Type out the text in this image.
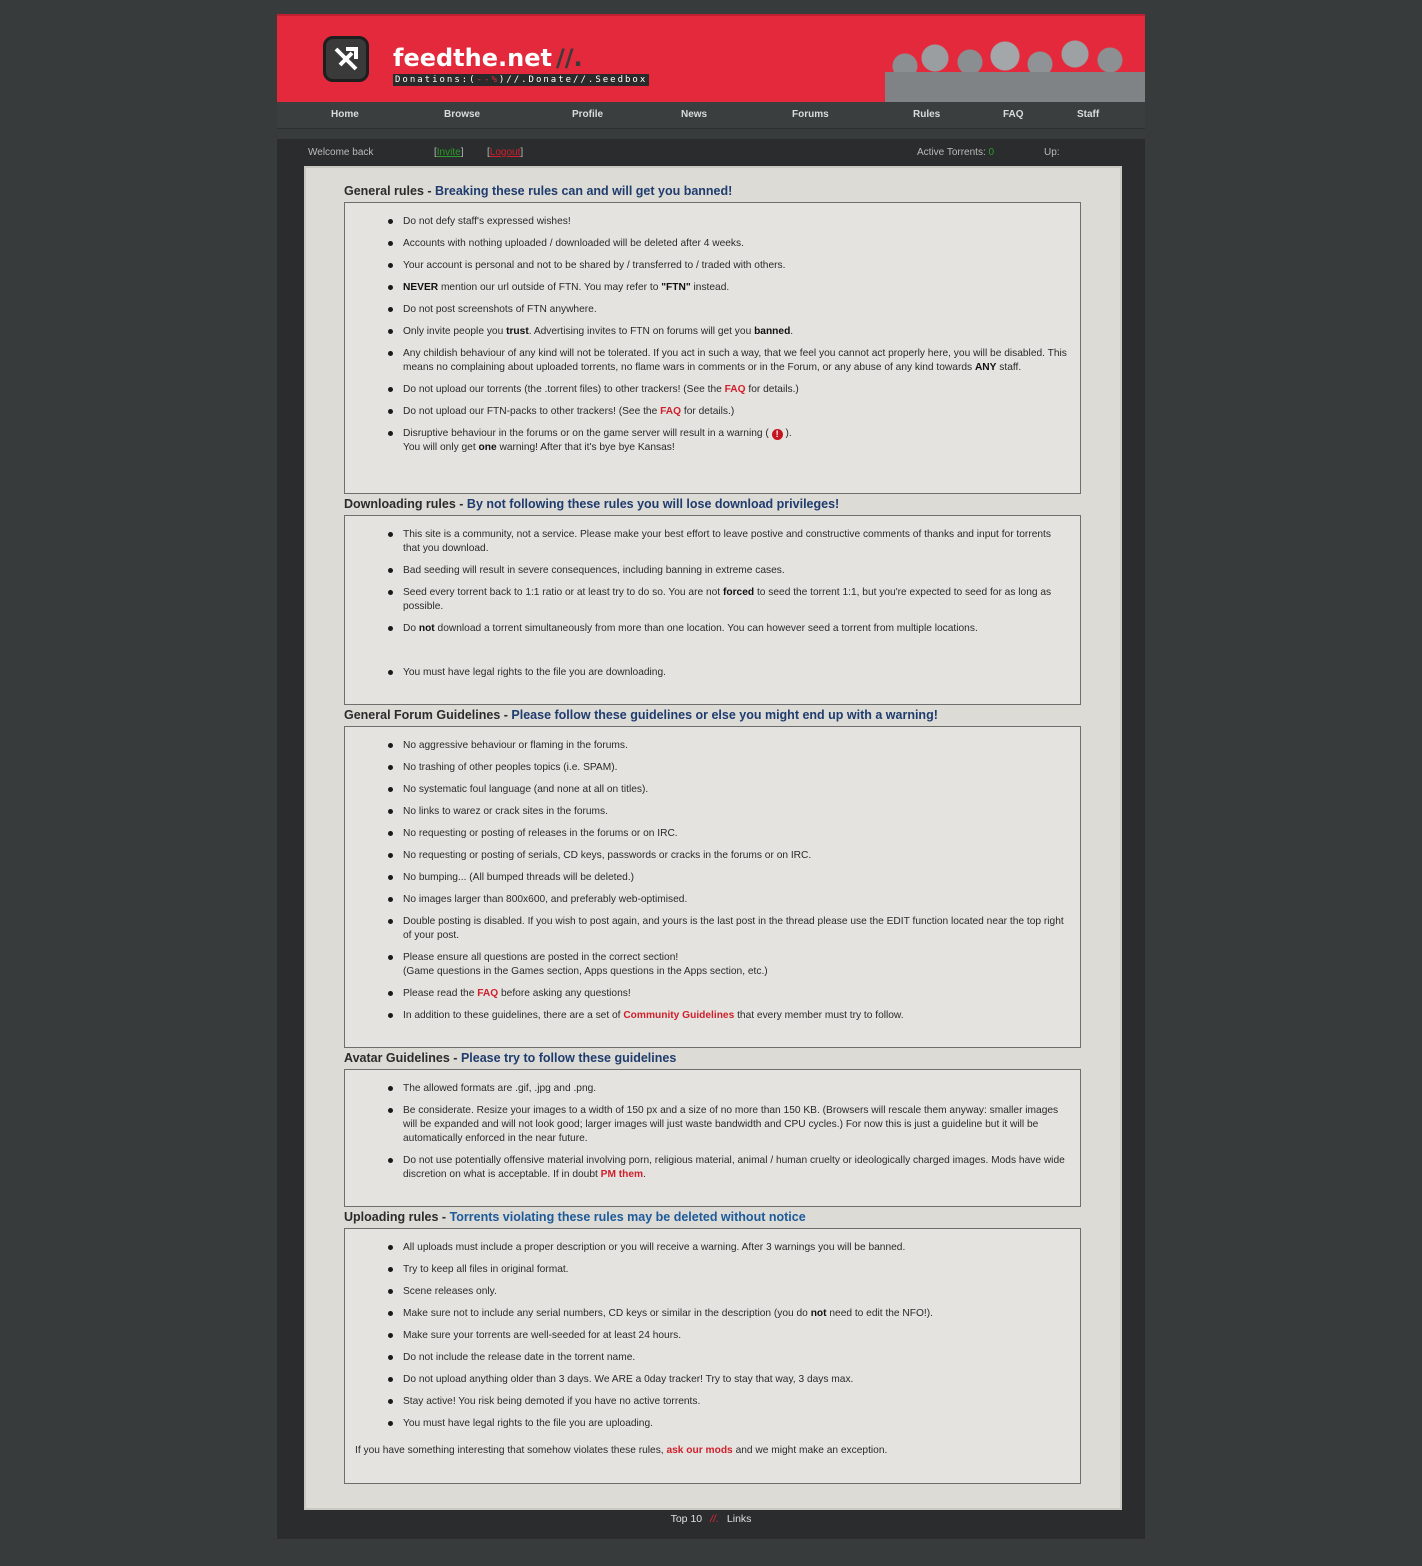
feedthe.net //.
Donations:(--%)//.Donate//.Seedbox
Home	Browse	Profile	News	Forums	Rules	FAQ	Staff
Welcome back	[Invite] [Logout]	Active Torrents: 0	Up:
General rules - Breaking these rules can and will get you banned!
Do not defy staff's expressed wishes!
Accounts with nothing uploaded / downloaded will be deleted after 4 weeks.
Your account is personal and not to be shared by / transferred to / traded with others.
NEVER mention our url outside of FTN. You may refer to "FTN" instead.
Do not post screenshots of FTN anywhere.
Only invite people you trust. Advertising invites to FTN on forums will get you banned.
Any childish behaviour of any kind will not be tolerated. If you act in such a way, that we feel you cannot act properly here, you will be disabled. This means no complaining about uploaded torrents, no flame wars in comments or in the Forum, or any abuse of any kind towards ANY staff.
Do not upload our torrents (the .torrent files) to other trackers! (See the FAQ for details.)
Do not upload our FTN-packs to other trackers! (See the FAQ for details.)
Disruptive behaviour in the forums or on the game server will result in a warning ( ! ).
You will only get one warning! After that it's bye bye Kansas!
Downloading rules - By not following these rules you will lose download privileges!
This site is a community, not a service. Please make your best effort to leave postive and constructive comments of thanks and input for torrents that you download.
Bad seeding will result in severe consequences, including banning in extreme cases.
Seed every torrent back to 1:1 ratio or at least try to do so. You are not forced to seed the torrent 1:1, but you're expected to seed for as long as possible.
Do not download a torrent simultaneously from more than one location. You can however seed a torrent from multiple locations.
You must have legal rights to the file you are downloading.
General Forum Guidelines - Please follow these guidelines or else you might end up with a warning!
No aggressive behaviour or flaming in the forums.
No trashing of other peoples topics (i.e. SPAM).
No systematic foul language (and none at all on titles).
No links to warez or crack sites in the forums.
No requesting or posting of releases in the forums or on IRC.
No requesting or posting of serials, CD keys, passwords or cracks in the forums or on IRC.
No bumping... (All bumped threads will be deleted.)
No images larger than 800x600, and preferably web-optimised.
Double posting is disabled. If you wish to post again, and yours is the last post in the thread please use the EDIT function located near the top right of your post.
Please ensure all questions are posted in the correct section!
(Game questions in the Games section, Apps questions in the Apps section, etc.)
Please read the FAQ before asking any questions!
In addition to these guidelines, there are a set of Community Guidelines that every member must try to follow.
Avatar Guidelines - Please try to follow these guidelines
The allowed formats are .gif, .jpg and .png.
Be considerate. Resize your images to a width of 150 px and a size of no more than 150 KB. (Browsers will rescale them anyway: smaller images will be expanded and will not look good; larger images will just waste bandwidth and CPU cycles.) For now this is just a guideline but it will be automatically enforced in the near future.
Do not use potentially offensive material involving porn, religious material, animal / human cruelty or ideologically charged images. Mods have wide discretion on what is acceptable. If in doubt PM them.
Uploading rules - Torrents violating these rules may be deleted without notice
All uploads must include a proper description or you will receive a warning. After 3 warnings you will be banned.
Try to keep all files in original format.
Scene releases only.
Make sure not to include any serial numbers, CD keys or similar in the description (you do not need to edit the NFO!).
Make sure your torrents are well-seeded for at least 24 hours.
Do not include the release date in the torrent name.
Do not upload anything older than 3 days. We ARE a 0day tracker! Try to stay that way, 3 days max.
Stay active! You risk being demoted if you have no active torrents.
You must have legal rights to the file you are uploading.
If you have something interesting that somehow violates these rules, ask our mods and we might make an exception.
Top 10 //. Links
